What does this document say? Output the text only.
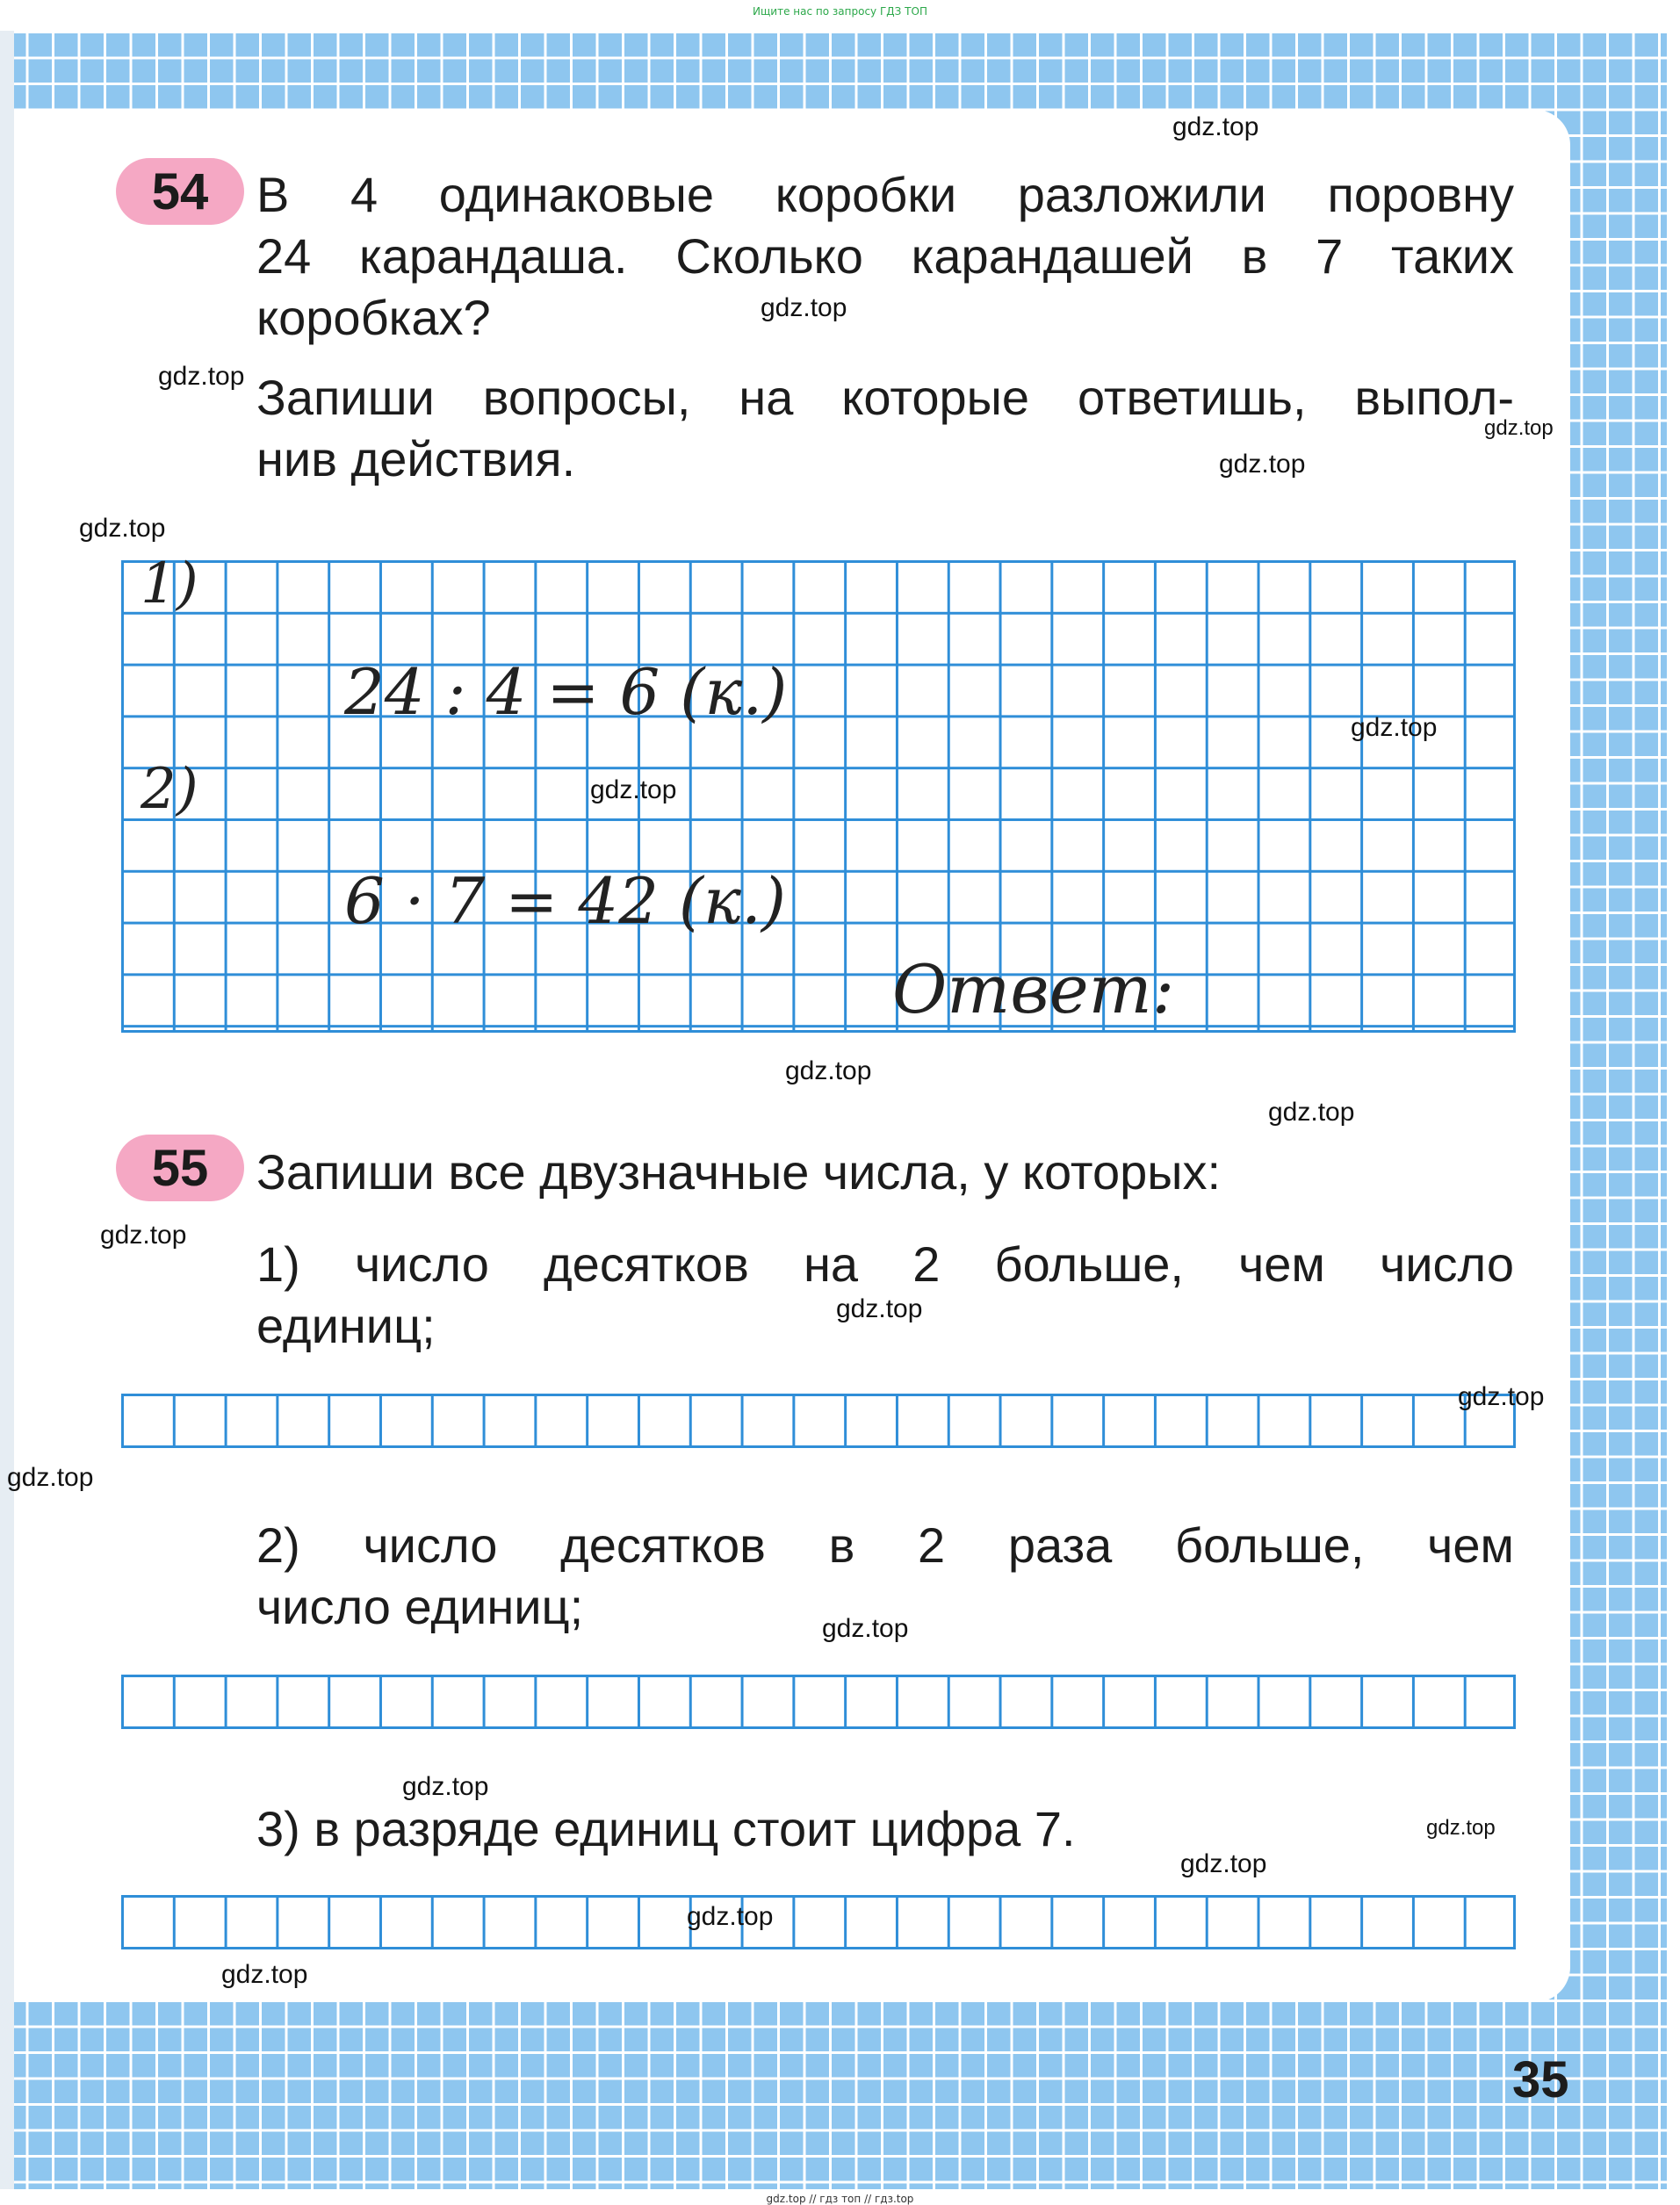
Ищите нас по запросу ГДЗ ТОП
54 В 4 одинаковые коробки разложили поровну
24 карандаша. Сколько карандашей в 7 таких
коробках?
Запиши вопросы, на которые ответишь, выпол-
нив действия.
1)
24 : 4 = 6 (к.)
2)
6 · 7 = 42 (к.)
Ответ:
55 Запиши все двузначные числа, у которых:
1) число десятков на 2 больше, чем число
единиц;
2) число десятков в 2 раза больше, чем
число единиц;
3) в разряде единиц стоит цифра 7.
35
gdz.top
gdz.top
gdz.top
gdz.top
gdz.top
gdz.top
gdz.top
gdz.top
gdz.top
gdz.top
gdz.top
gdz.top
gdz.top
gdz.top
gdz.top
gdz.top
gdz.top
gdz.top
gdz.top
gdz.top
gdz.top // гдз топ // гдз.top
